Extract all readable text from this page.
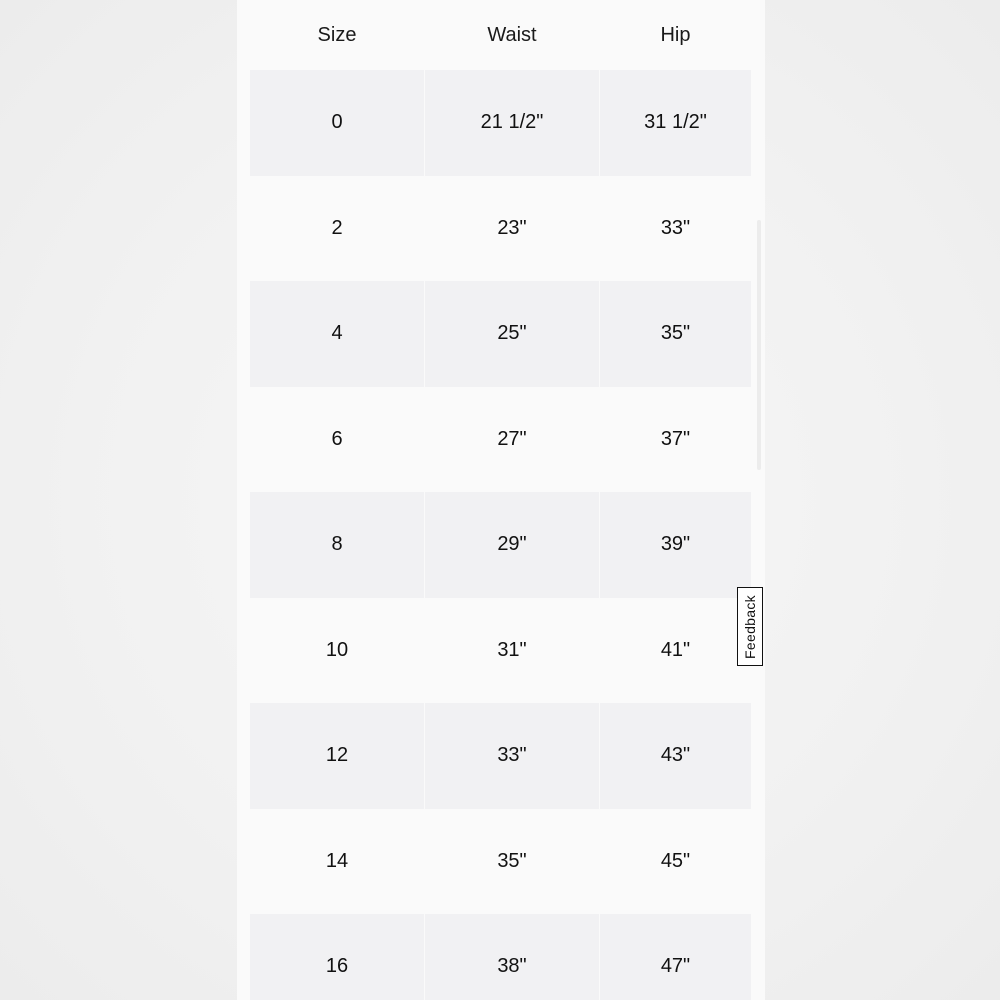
Size	Waist	Hip
0	21 1/2"	31 1/2"
2	23"	33"
4	25"	35"
6	27"	37"
8	29"	39"
10	31"	41"
12	33"	43"
14	35"	45"
16	38"	47"
Feedback
